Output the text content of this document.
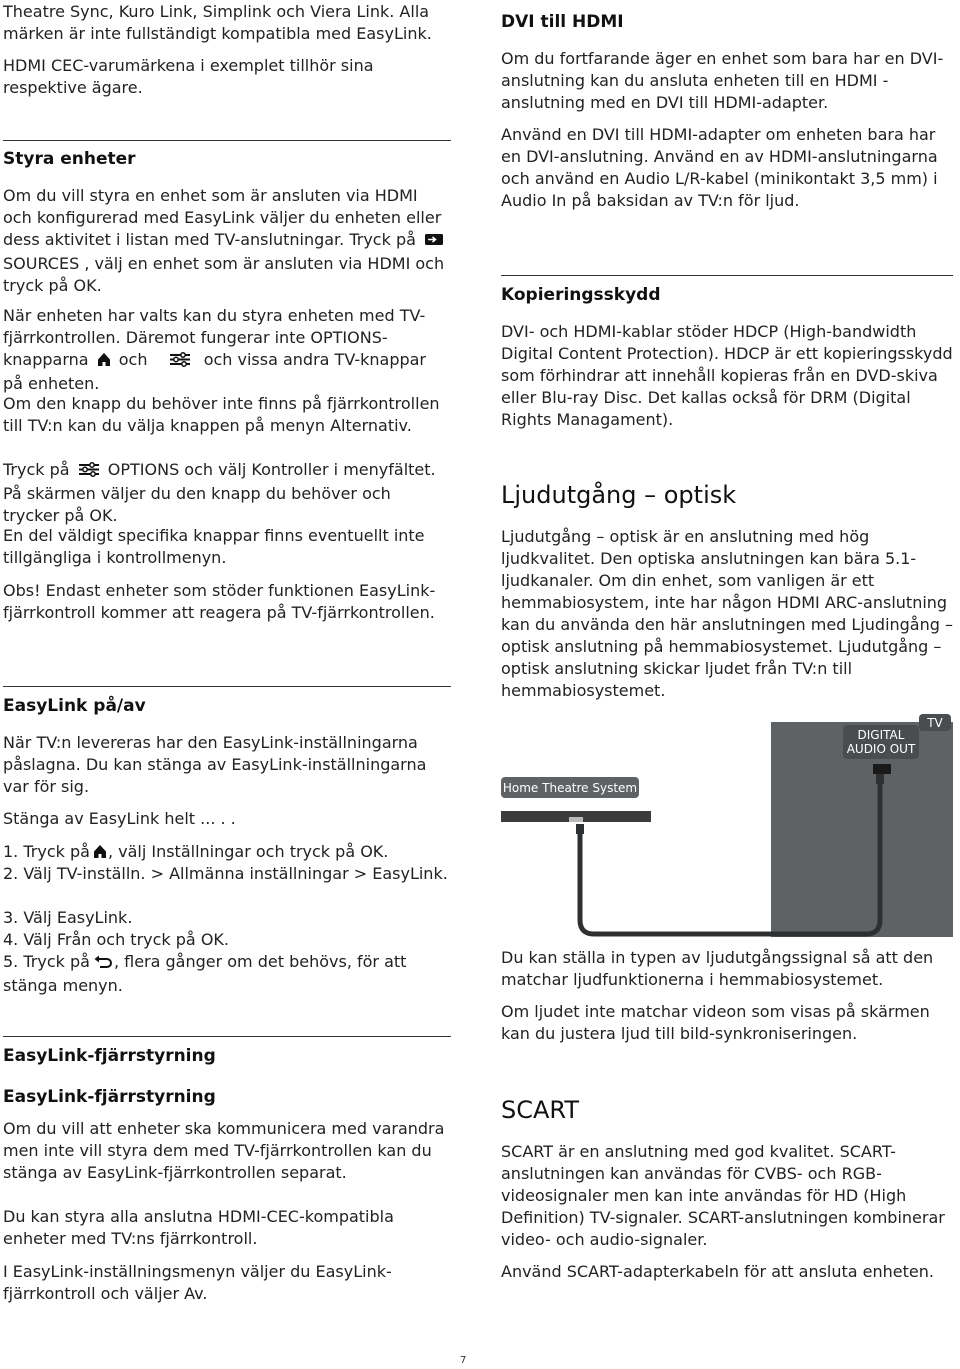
Theatre Sync, Kuro Link, Simplink och Viera Link. Alla märken är inte fullständigt kompatibla med EasyLink.

HDMI CEC-varumärkena i exemplet tillhör sina respektive ägare.

Styra enheter

Om du vill styra en enhet som är ansluten via HDMI och konfigurerad med EasyLink väljer du enheten eller dess aktivitet i listan med TV-anslutningar. Tryck på  SOURCES , välj en enhet som är ansluten via HDMI och tryck på OK.

När enheten har valts kan du styra enheten med TV-fjärrkontrollen. Däremot fungerar inte OPTIONS-knapparna och	och vissa andra TV-knappar på enheten.

Om den knapp du behöver inte finns på fjärrkontrollen till TV:n kan du välja knappen på menyn Alternativ.

Tryck på OPTIONS och välj Kontroller i menyfältet. På skärmen väljer du den knapp du behöver och trycker på OK.

En del väldigt specifika knappar finns eventuellt inte tillgängliga i kontrollmenyn.

Obs! Endast enheter som stöder funktionen EasyLink-fjärrkontroll kommer att reagera på TV-fjärrkontrollen.

EasyLink på/av

När TV:n levereras har den EasyLink-inställningarna påslagna. Du kan stänga av EasyLink-inställningarna var för sig.

Stänga av EasyLink helt ... . .

1. Tryck på , välj Inställningar och tryck på OK.

2. Välj TV-inställn. > Allmänna inställningar > EasyLink.

3. Välj EasyLink.

4. Välj Från och tryck på OK.

5. Tryck på , flera gånger om det behövs, för att stänga menyn.

EasyLink-fjärrstyrning
EasyLink-fjärrstyrning

Om du vill att enheter ska kommunicera med varandra men inte vill styra dem med TV-fjärrkontrollen kan du stänga av EasyLink-fjärrkontrollen separat.

Du kan styra alla anslutna HDMI-CEC-kompatibla enheter med TV:ns fjärrkontroll.

I EasyLink-inställningsmenyn väljer du EasyLink-fjärrkontroll och väljer Av.

DVI till HDMI

Om du fortfarande äger en enhet som bara har en DVI-anslutning kan du ansluta enheten till en HDMI -anslutning med en DVI till HDMI-adapter.

Använd en DVI till HDMI-adapter om enheten bara har en DVI-anslutning. Använd en av HDMI-anslutningarna och använd en Audio L/R-kabel (minikontakt 3,5 mm) i Audio In på baksidan av TV:n för ljud.

Kopieringsskydd

DVI- och HDMI-kablar stöder HDCP (High-bandwidth Digital Content Protection). HDCP är ett kopieringsskydd som förhindrar att innehåll kopieras från en DVD-skiva eller Blu-ray Disc. Det kallas också för DRM (Digital Rights Managament).

Ljudutgång – optisk

Ljudutgång – optisk är en anslutning med hög ljudkvalitet. Den optiska anslutningen kan bära 5.1-ljudkanaler. Om din enhet, som vanligen är ett hemmabiosystem, inte har någon HDMI ARC-anslutning kan du använda den här anslutningen med Ljudingång – optisk anslutning på hemmabiosystemet. Ljudutgång – optisk anslutning skickar ljudet från TV:n till hemmabiosystemet.

Du kan ställa in typen av ljudutgångssignal så att den matchar ljudfunktionerna i hemmabiosystemet.

Om ljudet inte matchar videon som visas på skärmen kan du justera ljud till bild-synkroniseringen.

SCART

SCART är en anslutning med god kvalitet. SCART-anslutningen kan användas för CVBS- och RGB-videosignaler men kan inte användas för HD (High Definition) TV-signaler. SCART-anslutningen kombinerar video- och audio-signaler.

Använd SCART-adapterkabeln för att ansluta enheten.

TV
DIGITAL
AUDIO OUT
Home Theatre System
7
